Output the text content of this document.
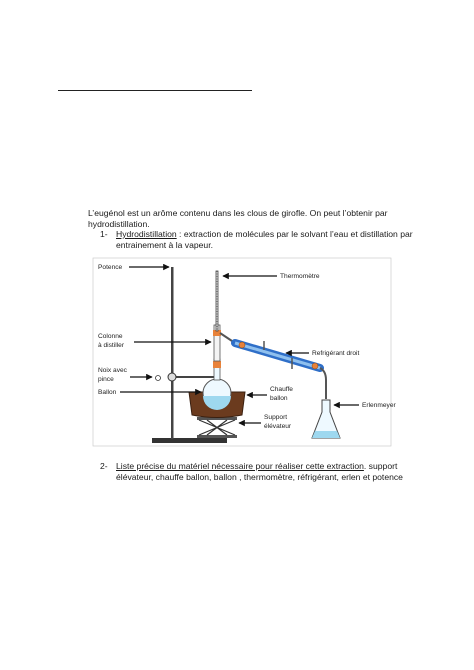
L’eugénol est un arôme contenu dans les clous de girofle. On peut l’obtenir par hydrodistillation.
1- Hydrodistillation : extraction de molécules par le solvant l’eau et distillation par entrainement à la vapeur.
Potence
Thermomètre
Colonne
à distiller
Refrigérant droit
Noix avec
pince
Ballon	Chauffe
ballon
Erlenmeyer
Support
élévateur
2- Liste précise du matériel nécessaire pour réaliser cette extraction. support élévateur, chauffe ballon, ballon , thermomètre, réfrigérant, erlen et potence
